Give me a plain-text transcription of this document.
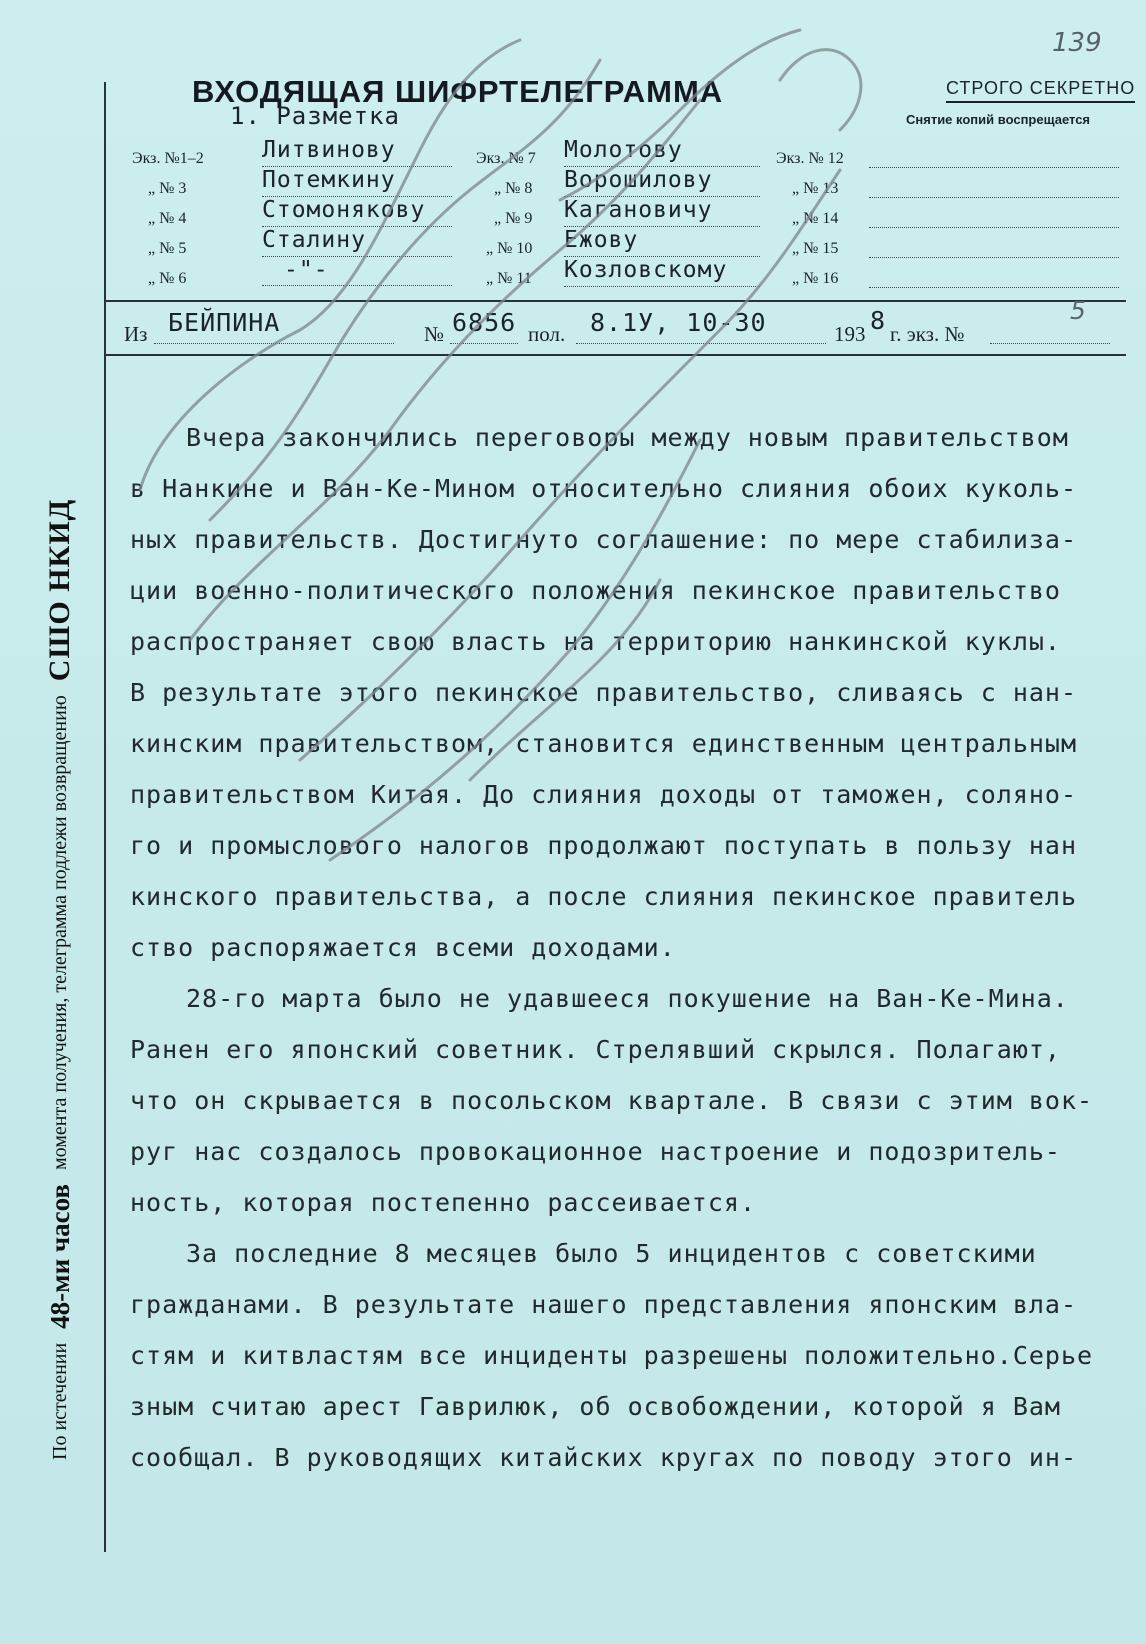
139
По истечении
48-ми часов
момента получения, телеграмма подлежи возвращению
СШО НКИД
ВХОДЯЩАЯ ШИФРТЕЛЕГРАММА	СТРОГО СЕКРЕТНО
Снятие копий воспрещается
1. Разметка
Экз. №1–2	Литвинову	Экз. № 7 Молотову	Экз. № 12
„ № 3	Потемкину	„ № 8 Ворошилову	„ № 13
„ № 4	Стомонякову	„ № 9 Кагановичу	„ № 14
„ № 5	Сталину	„ № 10 Ежову	„ № 15
„ № 6	-"-	„ № 11 Козловскому	„ № 16
Из БЕЙПИНА	№ 6856 пол. 8.1У, 10-30	193 8 г. экз. №
5
Вчера закончились переговоры между новым правительством
в Нанкине и Ван-Ке-Мином относительно слияния обоих куколь-
ных правительств. Достигнуто соглашение: по мере стабилиза-
ции военно-политического положения пекинское правительство
распространяет свою власть на территорию нанкинской куклы.
В результате этого пекинское правительство, сливаясь с нан-
кинским правительством, становится единственным центральным
правительством Китая. До слияния доходы от таможен, соляно-
го и промыслового налогов продолжают поступать в пользу нан
кинского правительства, а после слияния пекинское правитель
ство распоряжается всеми доходами.
28-го марта было не удавшееся покушение на Ван-Ке-Мина.
Ранен его японский советник. Стрелявший скрылся. Полагают,
что он скрывается в посольском квартале. В связи с этим вок-
руг нас создалось провокационное настроение и подозритель-
ность, которая постепенно рассеивается.
За последние 8 месяцев было 5 инцидентов с советскими
гражданами. В результате нашего представления японским вла-
стям и китвластям все инциденты разрешены положительно.Серье
зным считаю арест Гаврилюк, об освобождении, которой я Вам
сообщал. В руководящих китайских кругах по поводу этого ин-
